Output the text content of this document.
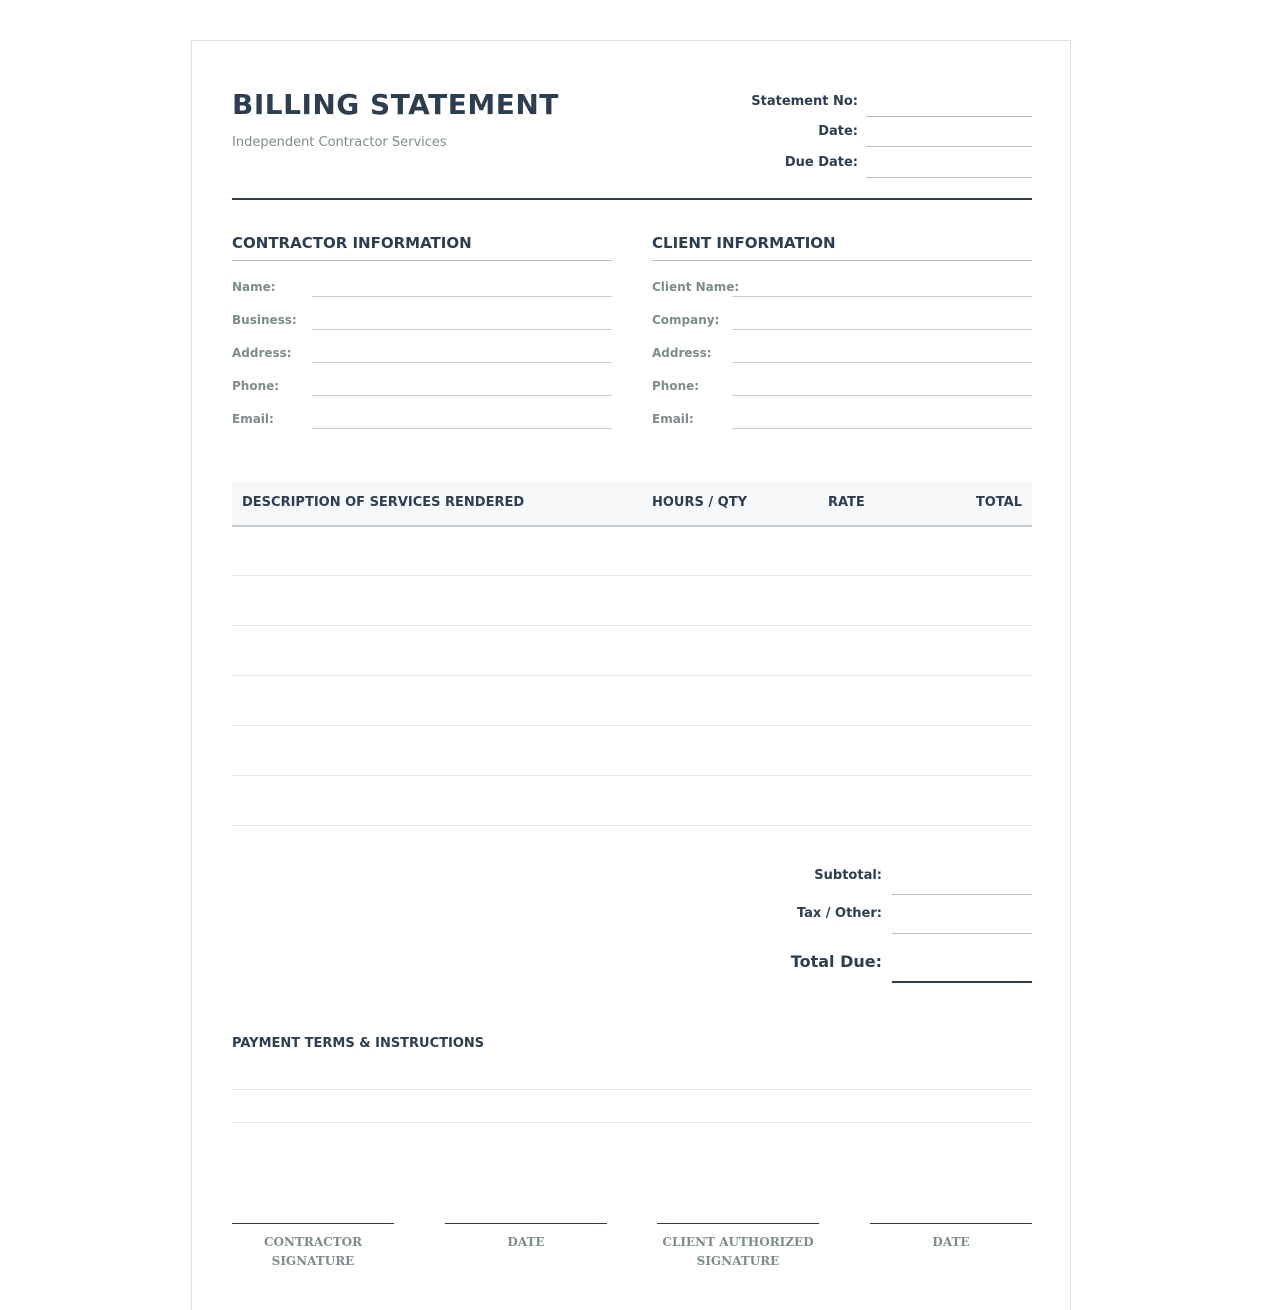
BILLING STATEMENT
Independent Contractor Services
Statement No:
Date:
Due Date:
CONTRACTOR INFORMATION
Name:
Business:
Address:
Phone:
Email:
CLIENT INFORMATION
Client Name:
Company:
Address:
Phone:
Email:
DESCRIPTION OF SERVICES RENDERED	HOURS / QTY	RATE	TOTAL
Subtotal:
Tax / Other:
Total Due:
PAYMENT TERMS & INSTRUCTIONS
CONTRACTOR SIGNATURE
DATE	CLIENT AUTHORIZED SIGNATURE
DATE
